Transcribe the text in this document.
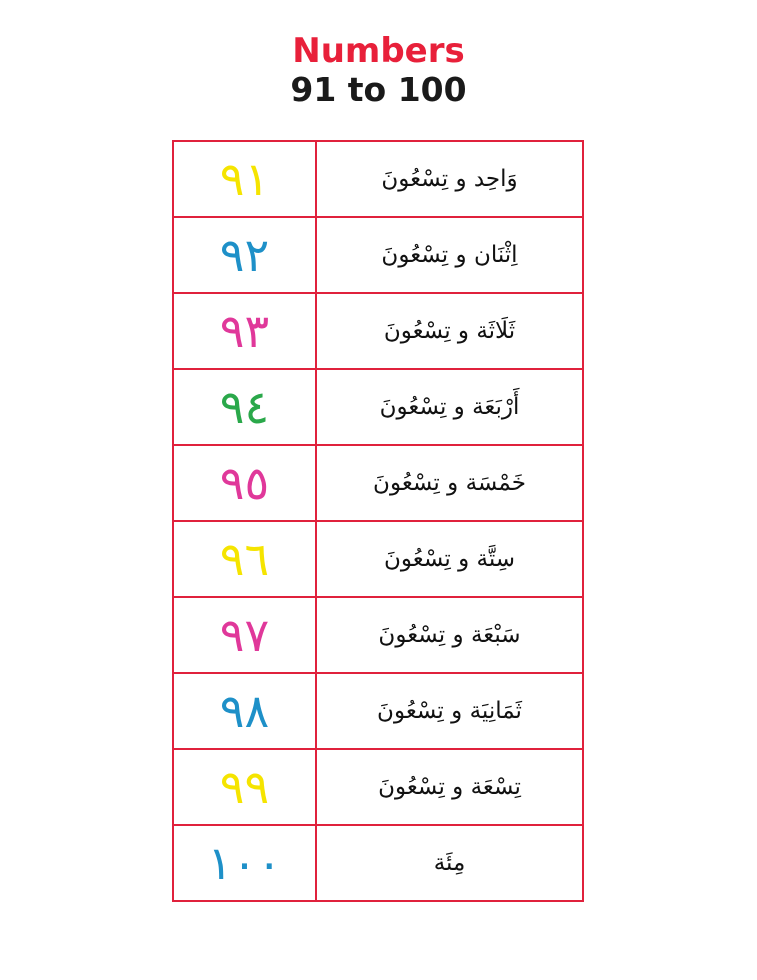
Numbers
91 to 100
٩١	وَاحِد و تِسْعُونَ
٩٢	اِثْنَان و تِسْعُونَ
٩٣	ثَلَاثَة و تِسْعُونَ
٩٤	أَرْبَعَة و تِسْعُونَ
٩٥	خَمْسَة و تِسْعُونَ
٩٦	سِتَّة و تِسْعُونَ
٩٧	سَبْعَة و تِسْعُونَ
٩٨	ثَمَانِيَة و تِسْعُونَ
٩٩	تِسْعَة و تِسْعُونَ
١٠٠	مِئَة
